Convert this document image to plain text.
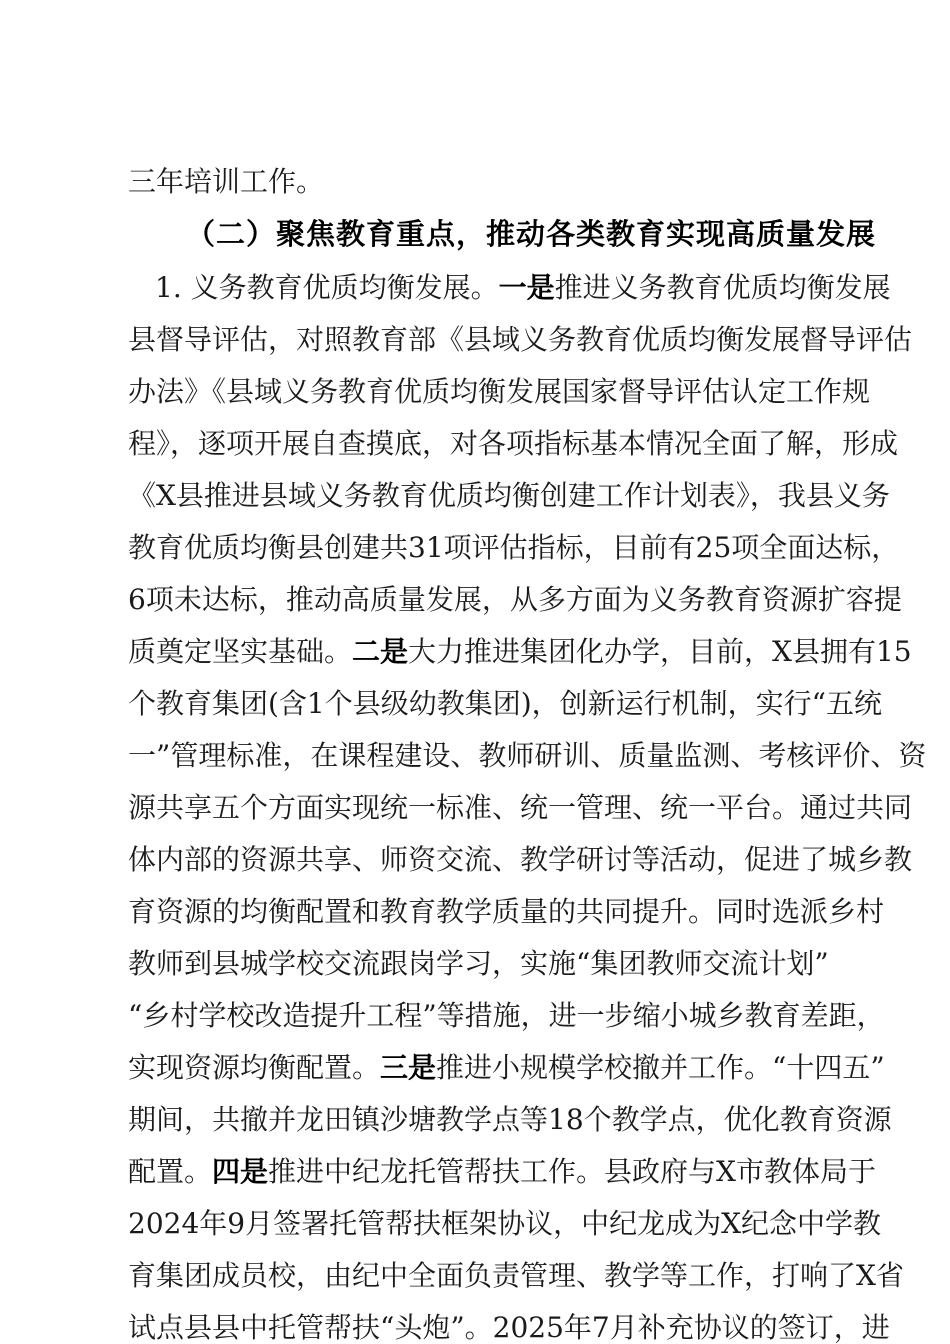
三年培训工作。
（二）聚焦教育重点，推动各类教育实现高质量发展
1. 义务教育优质均衡发展。 一是 推进义务教育优质均衡发展
县督导评估，对照教育部《县域义务教育优质均衡发展督导评估
办法》《县域义务教育优质均衡发展国家督导评估认定工作规
程》，逐项开展自查摸底，对各项指标基本情况全面了解，形成
《X县推进县域义务教育优质均衡创建工作计划表》，我县义务
教育优质均衡县创建共31项评估指标，目前有25项全面达标，
6项未达标，推动高质量发展，从多方面为义务教育资源扩容提
质奠定坚实基础。 二是 大力推进集团化办学，目前，X县拥有15
个教育集团(含1个县级幼教集团)，创新运行机制，实行“五统
一”管理标准，在课程建设、教师研训、质量监测、考核评价、资
源共享五个方面实现统一标准、统一管理、统一平台。通过共同
体内部的资源共享、师资交流、教学研讨等活动，促进了城乡教
育资源的均衡配置和教育教学质量的共同提升。同时选派乡村
教师到县城学校交流跟岗学习，实施“集团教师交流计划”
“乡村学校改造提升工程”等措施，进一步缩小城乡教育差距，
实现资源均衡配置。 三是 推进小规模学校撤并工作。“十四五”
期间，共撤并龙田镇沙塘教学点等18个教学点，优化教育资源
配置。 四是 推进中纪龙托管帮扶工作。县政府与X市教体局于
2024年9月签署托管帮扶框架协议，中纪龙成为X纪念中学教
育集团成员校，由纪中全面负责管理、教学等工作，打响了X省
试点县县中托管帮扶“头炮”。2025年7月补充协议的签订，进
